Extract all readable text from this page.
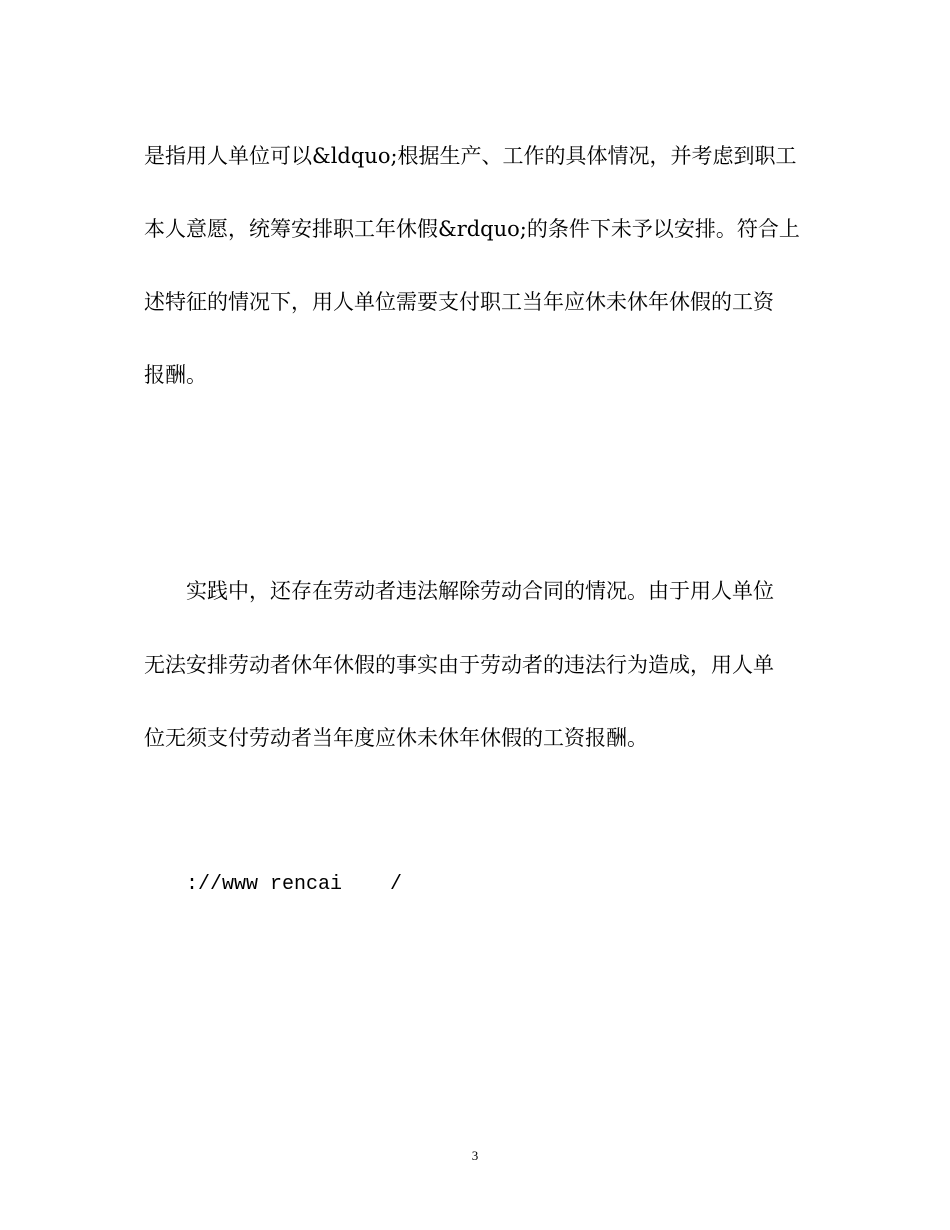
是指用人单位可以&ldquo;根据生产、工作的具体情况，并考虑到职工
本人意愿，统筹安排职工年休假&rdquo;的条件下未予以安排。符合上
述特征的情况下，用人单位需要支付职工当年应休未休年休假的工资
报酬。
实践中，还存在劳动者违法解除劳动合同的情况。由于用人单位
无法安排劳动者休年休假的事实由于劳动者的违法行为造成，用人单
位无须支付劳动者当年度应休未休年休假的工资报酬。
://www rencai    /
3
